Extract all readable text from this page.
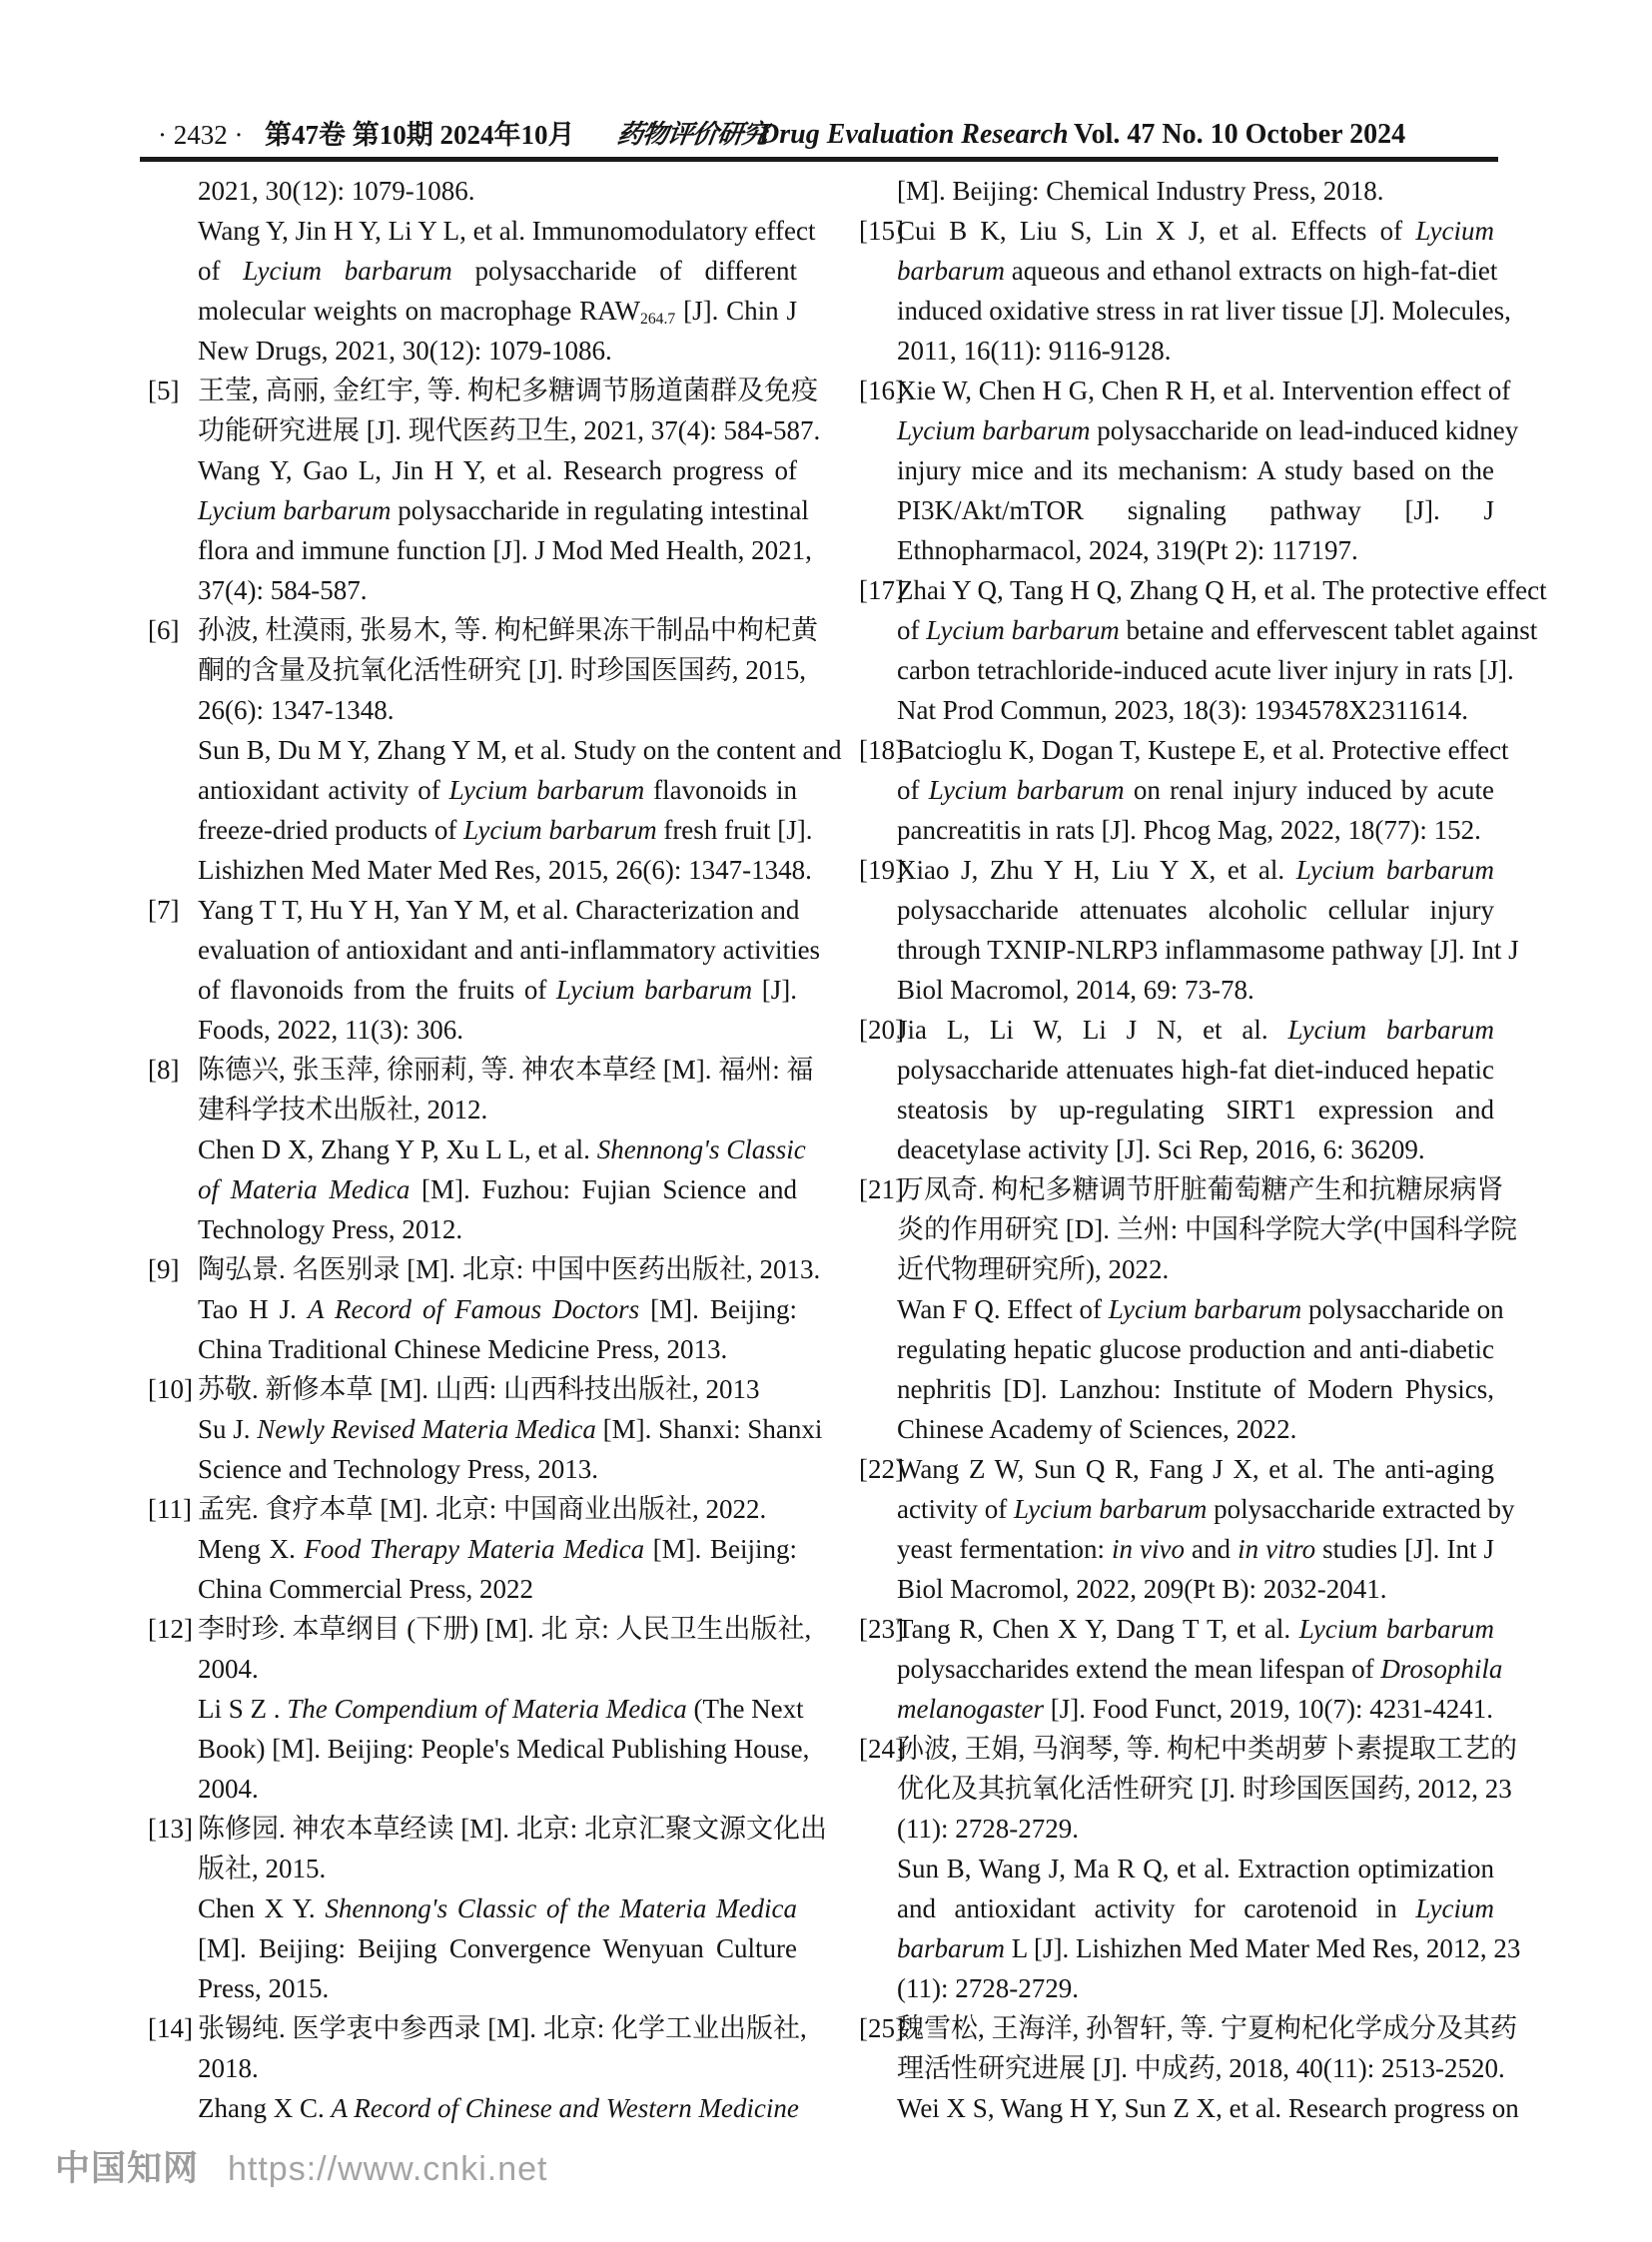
· 2432 · 第47卷 第10期 2024年10月 药物评价研究
Drug Evaluation Research Vol. 47 No. 10 October 2024
2021, 30(12): 1079-1086.
Wang Y, Jin H Y, Li Y L, et al. Immunomodulatory effect
of Lycium barbarum polysaccharide of different
molecular weights on macrophage $RAW_{264.7}$ [J]. Chin J
New Drugs, 2021, 30(12): 1079-1086.
[5] 王莹, 高丽, 金红宇, 等. 枸杞多糖调节肠道菌群及免疫
功能研究进展 [J]. 现代医药卫生, 2021, 37(4): 584-587.
Wang Y, Gao L, Jin H Y, et al. Research progress of
Lycium barbarum polysaccharide in regulating intestinal
flora and immune function [J]. J Mod Med Health, 2021,
37(4): 584-587.
[6] 孙波, 杜漠雨, 张易木, 等. 枸杞鲜果冻干制品中枸杞黄
酮的含量及抗氧化活性研究 [J]. 时珍国医国药, 2015,
26(6): 1347-1348.
Sun B, Du M Y, Zhang Y M, et al. Study on the content and
antioxidant activity of Lycium barbarum flavonoids in
freeze-dried products of Lycium barbarum fresh fruit [J].
Lishizhen Med Mater Med Res, 2015, 26(6): 1347-1348.
[7] Yang T T, Hu Y H, Yan Y M, et al. Characterization and
evaluation of antioxidant and anti-inflammatory activities
of flavonoids from the fruits of Lycium barbarum [J].
Foods, 2022, 11(3): 306.
[8] 陈德兴, 张玉萍, 徐丽莉, 等. 神农本草经 [M]. 福州: 福
建科学技术出版社, 2012.
Chen D X, Zhang Y P, Xu L L, et al. Shennong's Classic
of Materia Medica [M]. Fuzhou: Fujian Science and
Technology Press, 2012.
[9] 陶弘景. 名医别录 [M]. 北京: 中国中医药出版社, 2013.
Tao H J. A Record of Famous Doctors [M]. Beijing:
China Traditional Chinese Medicine Press, 2013.
[10] 苏敬. 新修本草 [M]. 山西: 山西科技出版社, 2013
Su J. Newly Revised Materia Medica [M]. Shanxi: Shanxi
Science and Technology Press, 2013.
[11] 孟宪. 食疗本草 [M]. 北京: 中国商业出版社, 2022.
Meng X. Food Therapy Materia Medica [M]. Beijing:
China Commercial Press, 2022
[12] 李时珍. 本草纲目 (下册) [M]. 北 京: 人民卫生出版社,
2004.
Li S Z . The Compendium of Materia Medica (The Next
Book) [M]. Beijing: People's Medical Publishing House,
2004.
[13] 陈修园. 神农本草经读 [M]. 北京: 北京汇聚文源文化出
版社, 2015.
Chen X Y. Shennong's Classic of the Materia Medica
[M]. Beijing: Beijing Convergence Wenyuan Culture
Press, 2015.
[14] 张锡纯. 医学衷中参西录 [M]. 北京: 化学工业出版社,
2018.
Zhang X C. A Record of Chinese and Western Medicine
[M]. Beijing: Chemical Industry Press, 2018.
[15]Cui B K, Liu S, Lin X J, et al. Effects of Lycium
barbarum aqueous and ethanol extracts on high-fat-diet
induced oxidative stress in rat liver tissue [J]. Molecules,
2011, 16(11): 9116-9128.
[16]Xie W, Chen H G, Chen R H, et al. Intervention effect of
Lycium barbarum polysaccharide on lead-induced kidney
injury mice and its mechanism: A study based on the
PI3K/Akt/mTOR signaling pathway [J]. J
Ethnopharmacol, 2024, 319(Pt 2): 117197.
[17]Zhai Y Q, Tang H Q, Zhang Q H, et al. The protective effect
of Lycium barbarum betaine and effervescent tablet against
carbon tetrachloride-induced acute liver injury in rats [J].
Nat Prod Commun, 2023, 18(3): 1934578X2311614.
[18]Batcioglu K, Dogan T, Kustepe E, et al. Protective effect
of Lycium barbarum on renal injury induced by acute
pancreatitis in rats [J]. Phcog Mag, 2022, 18(77): 152.
[19]Xiao J, Zhu Y H, Liu Y X, et al. Lycium barbarum
polysaccharide attenuates alcoholic cellular injury
through TXNIP-NLRP3 inflammasome pathway [J]. Int J
Biol Macromol, 2014, 69: 73-78.
[20]Jia L, Li W, Li J N, et al. Lycium barbarum
polysaccharide attenuates high-fat diet-induced hepatic
steatosis by up-regulating SIRT1 expression and
deacetylase activity [J]. Sci Rep, 2016, 6: 36209.
[21]万凤奇. 枸杞多糖调节肝脏葡萄糖产生和抗糖尿病肾
炎的作用研究 [D]. 兰州: 中国科学院大学(中国科学院
近代物理研究所), 2022.
Wan F Q. Effect of Lycium barbarum polysaccharide on
regulating hepatic glucose production and anti-diabetic
nephritis [D]. Lanzhou: Institute of Modern Physics,
Chinese Academy of Sciences, 2022.
[22]Wang Z W, Sun Q R, Fang J X, et al. The anti-aging
activity of Lycium barbarum polysaccharide extracted by
yeast fermentation: in vivo and in vitro studies [J]. Int J
Biol Macromol, 2022, 209(Pt B): 2032-2041.
[23]Tang R, Chen X Y, Dang T T, et al. Lycium barbarum
polysaccharides extend the mean lifespan of Drosophila
melanogaster [J]. Food Funct, 2019, 10(7): 4231-4241.
[24]孙波, 王娟, 马润琴, 等. 枸杞中类胡萝卜素提取工艺的
优化及其抗氧化活性研究 [J]. 时珍国医国药, 2012, 23
(11): 2728-2729.
Sun B, Wang J, Ma R Q, et al. Extraction optimization
and antioxidant activity for carotenoid in Lycium
barbarum L [J]. Lishizhen Med Mater Med Res, 2012, 23
(11): 2728-2729.
[25]魏雪松, 王海洋, 孙智轩, 等. 宁夏枸杞化学成分及其药
理活性研究进展 [J]. 中成药, 2018, 40(11): 2513-2520.
Wei X S, Wang H Y, Sun Z X, et al. Research progress on
中国知网 https://www.cnki.net
